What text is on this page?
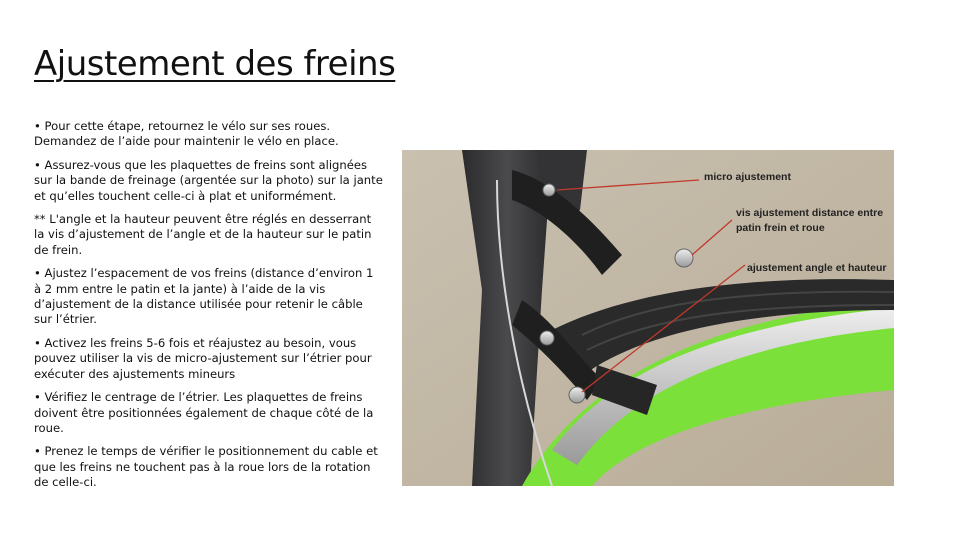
Ajustement des freins

• Pour cette étape, retournez le vélo sur ses roues. Demandez de l’aide pour maintenir le vélo en place.

• Assurez-vous que les plaquettes de freins sont alignées sur la bande de freinage (argentée sur la photo) sur la jante et qu’elles touchent celle-ci à plat et uniformément.

** L'angle et la hauteur peuvent être réglés en desserrant la vis d’ajustement de l’angle et de la hauteur sur le patin de frein.

• Ajustez l’espacement de vos freins (distance d’environ 1 à 2 mm entre le patin et la jante) à l’aide de la vis d’ajustement de la distance utilisée pour retenir le câble sur l’étrier.

• Activez les freins 5-6 fois et réajustez au besoin, vous pouvez utiliser la vis de micro-ajustement sur l’étrier pour exécuter des ajustements mineurs

• Vérifiez le centrage de l’étrier. Les plaquettes de freins doivent être positionnées également de chaque côté de la roue.

• Prenez le temps de vérifier le positionnement du cable et que les freins ne touchent pas à la roue lors de la rotation de celle-ci.

micro ajustement
vis ajustement distance entre
patin frein et roue
ajustement angle et hauteur
